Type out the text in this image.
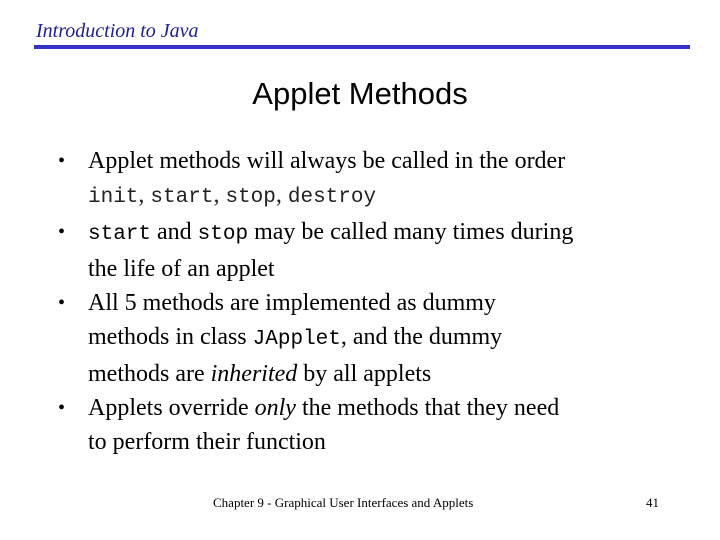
Introduction to Java
Applet Methods
• Applet methods will always be called in the order
init, start, stop, destroy
•	start and stop may be called many times during
the life of an applet
• All 5 methods are implemented as dummy
methods in class JApplet, and the dummy
methods are inherited by all applets
• Applets override only the methods that they need
to perform their function
Chapter 9 - Graphical User Interfaces and Applets	41
